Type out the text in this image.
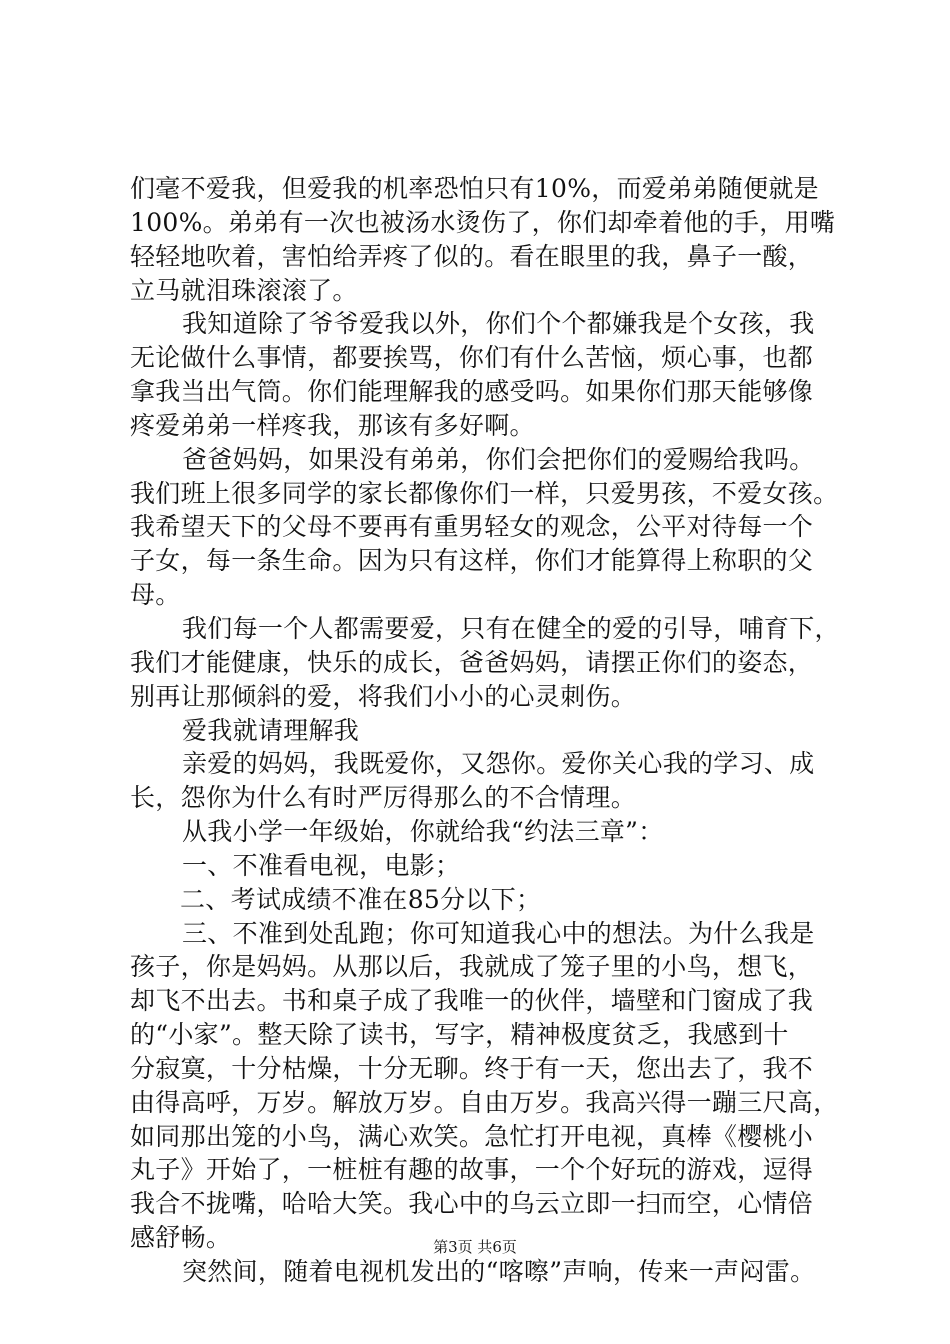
们毫不爱我，但爱我的机率恐怕只有10%，而爱弟弟随便就是
100%。弟弟有一次也被汤水烫伤了，你们却牵着他的手，用嘴
轻轻地吹着，害怕给弄疼了似的。看在眼里的我，鼻子一酸，
立马就泪珠滚滚了。
我知道除了爷爷爱我以外，你们个个都嫌我是个女孩，我
无论做什么事情，都要挨骂，你们有什么苦恼，烦心事，也都
拿我当出气筒。你们能理解我的感受吗。如果你们那天能够像
疼爱弟弟一样疼我，那该有多好啊。
爸爸妈妈，如果没有弟弟，你们会把你们的爱赐给我吗。
我们班上很多同学的家长都像你们一样，只爱男孩，不爱女孩。
我希望天下的父母不要再有重男轻女的观念，公平对待每一个
子女，每一条生命。因为只有这样，你们才能算得上称职的父
母。
我们每一个人都需要爱，只有在健全的爱的引导，哺育下，
我们才能健康，快乐的成长，爸爸妈妈，请摆正你们的姿态，
别再让那倾斜的爱，将我们小小的心灵刺伤。
爱我就请理解我
亲爱的妈妈，我既爱你，又怨你。爱你关心我的学习、成
长，怨你为什么有时严厉得那么的不合情理。
从我小学一年级始，你就给我“约法三章”：
一、不准看电视，电影；
二、考试成绩不准在85分以下；
三、不准到处乱跑；你可知道我心中的想法。为什么我是
孩子，你是妈妈。从那以后，我就成了笼子里的小鸟，想飞，
却飞不出去。书和桌子成了我唯一的伙伴，墙壁和门窗成了我
的“小家”。整天除了读书，写字，精神极度贫乏，我感到十
分寂寞，十分枯燥，十分无聊。终于有一天，您出去了，我不
由得高呼，万岁。解放万岁。自由万岁。我高兴得一蹦三尺高，
如同那出笼的小鸟，满心欢笑。急忙打开电视，真棒《樱桃小
丸子》开始了，一桩桩有趣的故事，一个个好玩的游戏，逗得
我合不拢嘴，哈哈大笑。我心中的乌云立即一扫而空，心情倍
感舒畅。
突然间，随着电视机发出的“喀嚓”声响，传来一声闷雷。
第3页 共6页
